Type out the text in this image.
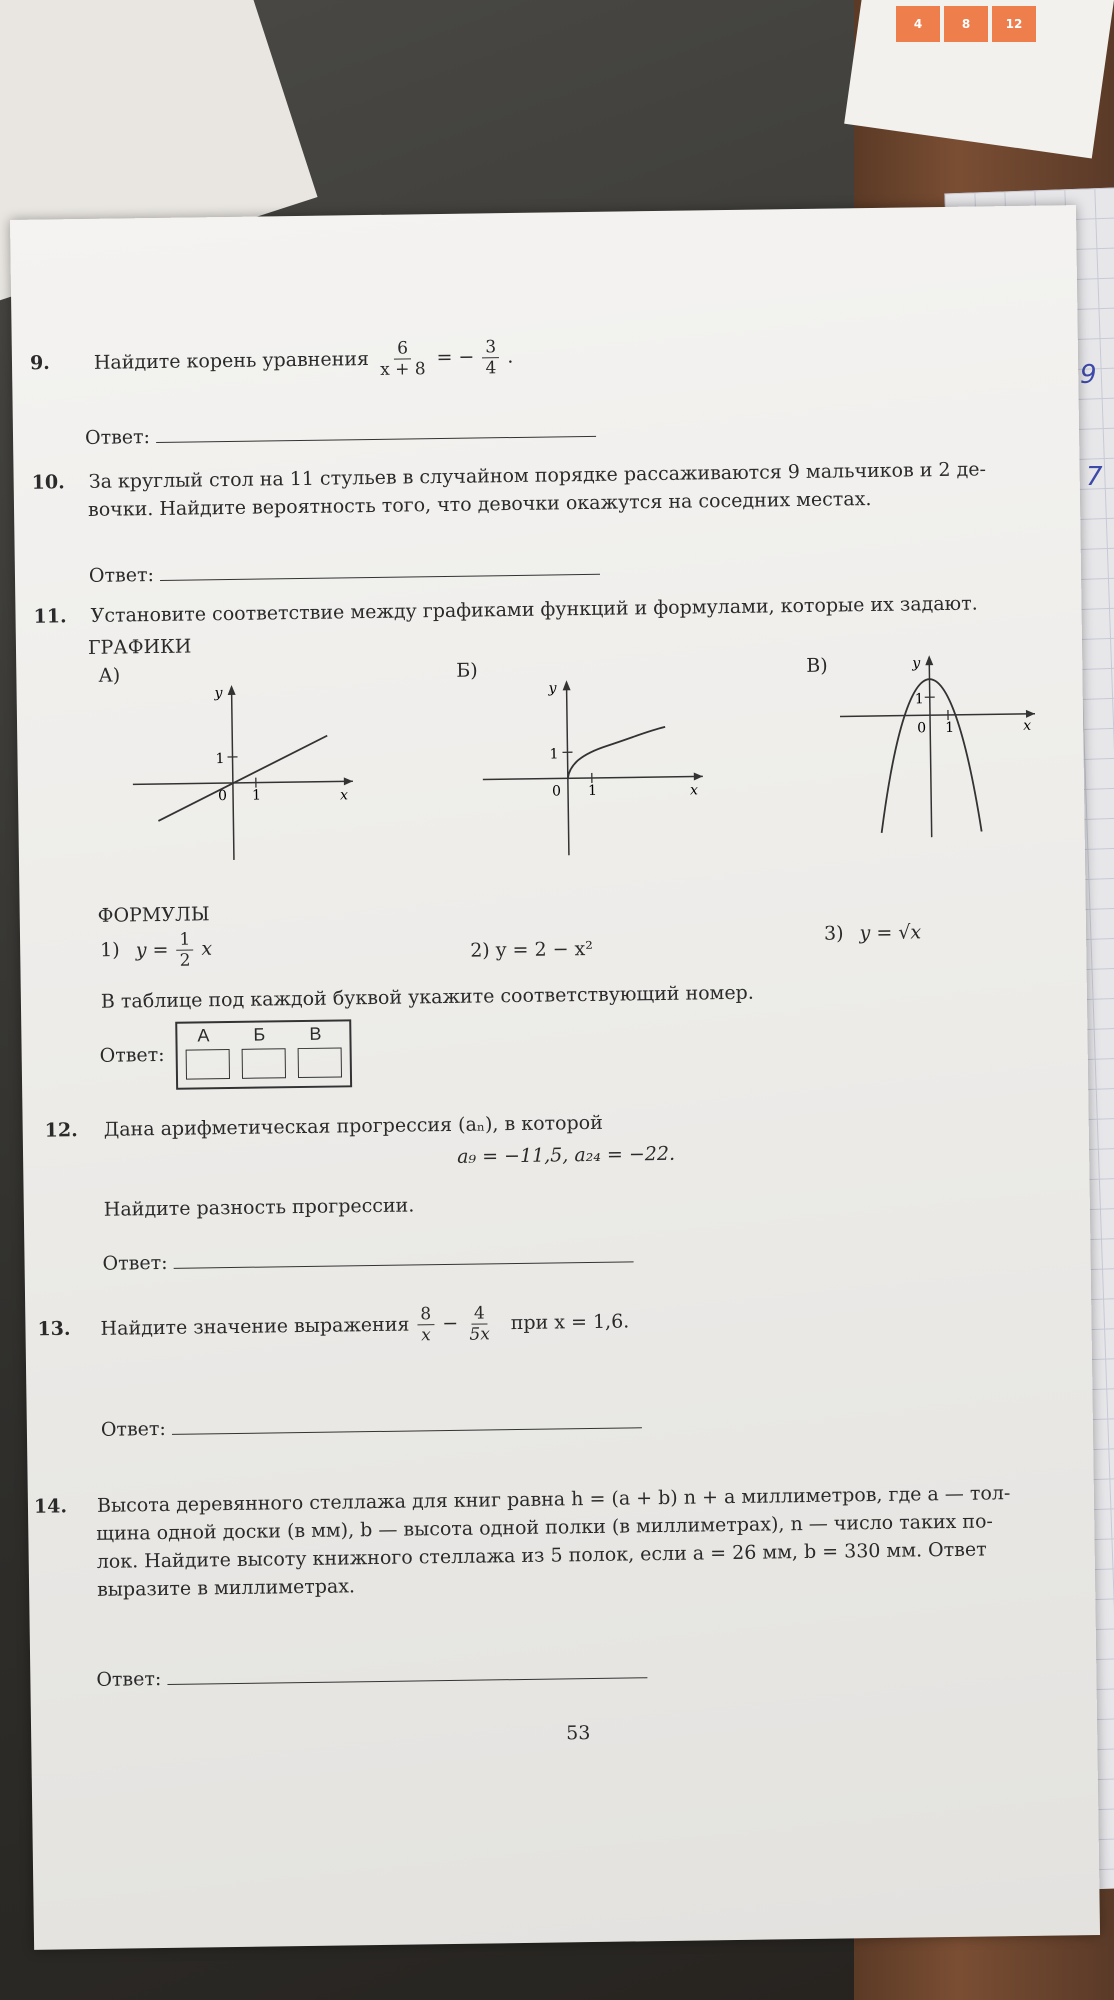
4	8	12
9
7
9. Найдите корень уравнения $\frac{6}{x + 8}$ = − $\frac{3}{4}$ .
Ответ:
10. За круглый стол на 11 стульев в случайном порядке рассаживаются 9 мальчиков и 2 де-
вочки. Найдите вероятность того, что девочки окажутся на соседних местах.
Ответ:
11. Установите соответствие между графиками функций и формулами, которые их задают.
ГРАФИКИ
А)	Б)	В)
y
x
1
0 1
y
x
1
0 1
y
x
1
0 1
ФОРМУЛЫ
1) $y = \frac{1}{2}$ x	2) y = 2 − x²
3) y = √x
В таблице под каждой буквой укажите соответствующий номер.
Ответ:
А Б В
12. Дана арифметическая прогрессия (aₙ), в которой
a₉ = −11,5, a₂₄ = −22.
Найдите разность прогрессии.
Ответ:
13. Найдите значение выражения $\frac{8}{x} - \frac{4}{5x}$ при x = 1,6.
Ответ:
14. Высота деревянного стеллажа для книг равна h = (a + b) n + a миллиметров, где a — тол-
щина одной доски (в мм), b — высота одной полки (в миллиметрах), n — число таких по-
лок. Найдите высоту книжного стеллажа из 5 полок, если a = 26 мм, b = 330 мм. Ответ
выразите в миллиметрах.
Ответ:
53
